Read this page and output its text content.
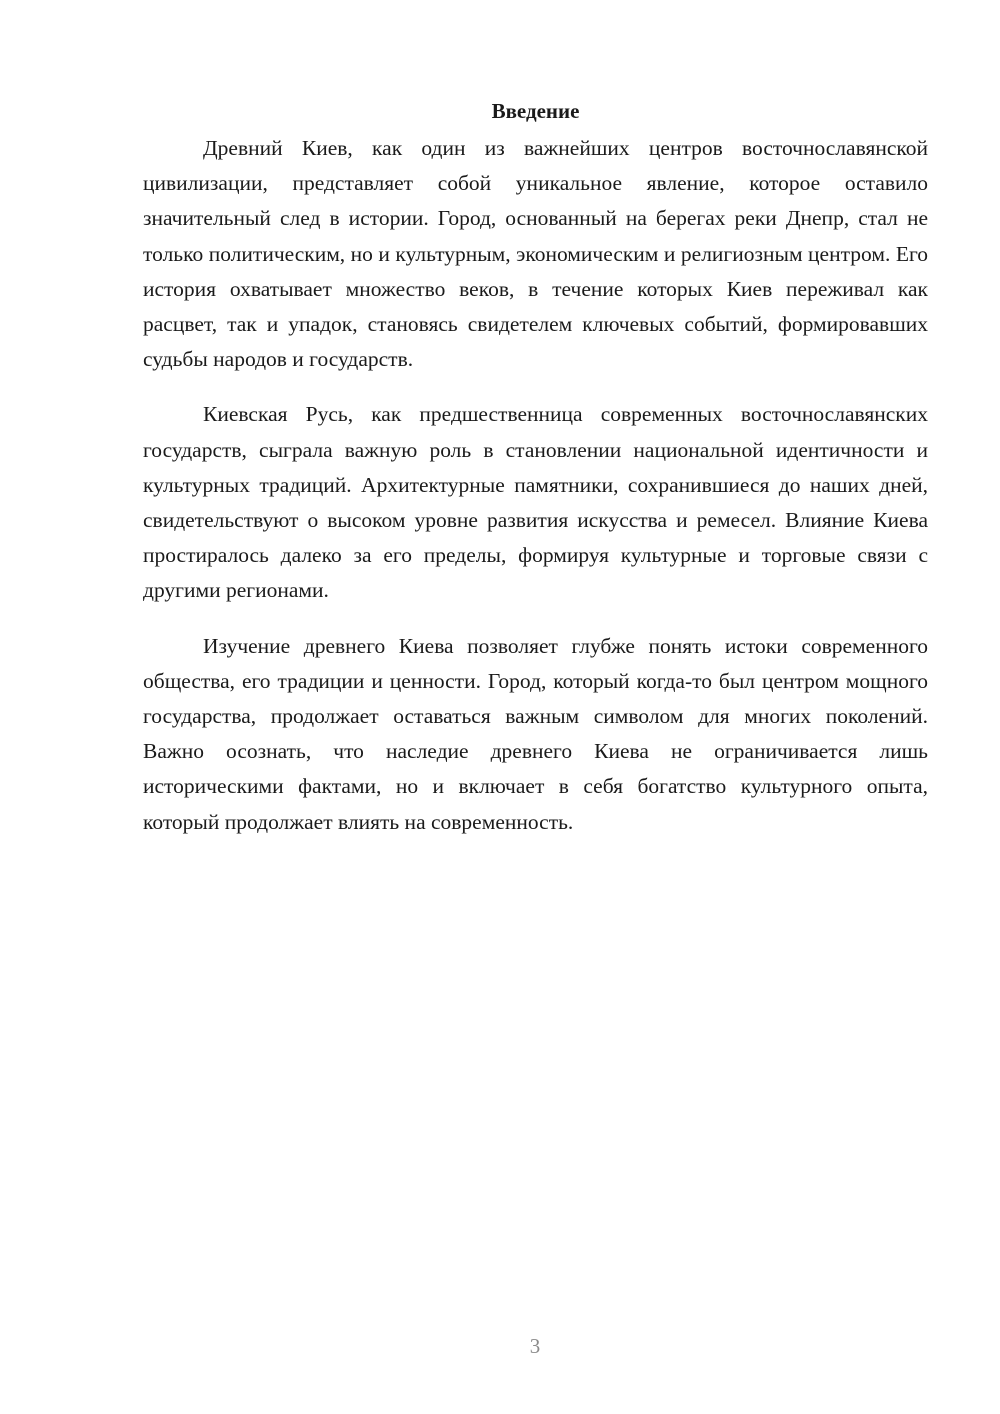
Введение

Древний Киев, как один из важнейших центров восточнославянской цивилизации, представляет собой уникальное явление, которое оставило значительный след в истории. Город, основанный на берегах реки Днепр, стал не только политическим, но и культурным, экономическим и религиозным центром. Его история охватывает множество веков, в течение которых Киев переживал как расцвет, так и упадок, становясь свидетелем ключевых событий, формировавших судьбы народов и государств.

Киевская Русь, как предшественница современных восточнославянских государств, сыграла важную роль в становлении национальной идентичности и культурных традиций. Архитектурные памятники, сохранившиеся до наших дней, свидетельствуют о высоком уровне развития искусства и ремесел. Влияние Киева простиралось далеко за его пределы, формируя культурные и торговые связи с другими регионами.

Изучение древнего Киева позволяет глубже понять истоки современного общества, его традиции и ценности. Город, который когда-то был центром мощного государства, продолжает оставаться важным символом для многих поколений. Важно осознать, что наследие древнего Киева не ограничивается лишь историческими фактами, но и включает в себя богатство культурного опыта, который продолжает влиять на современность.

3
